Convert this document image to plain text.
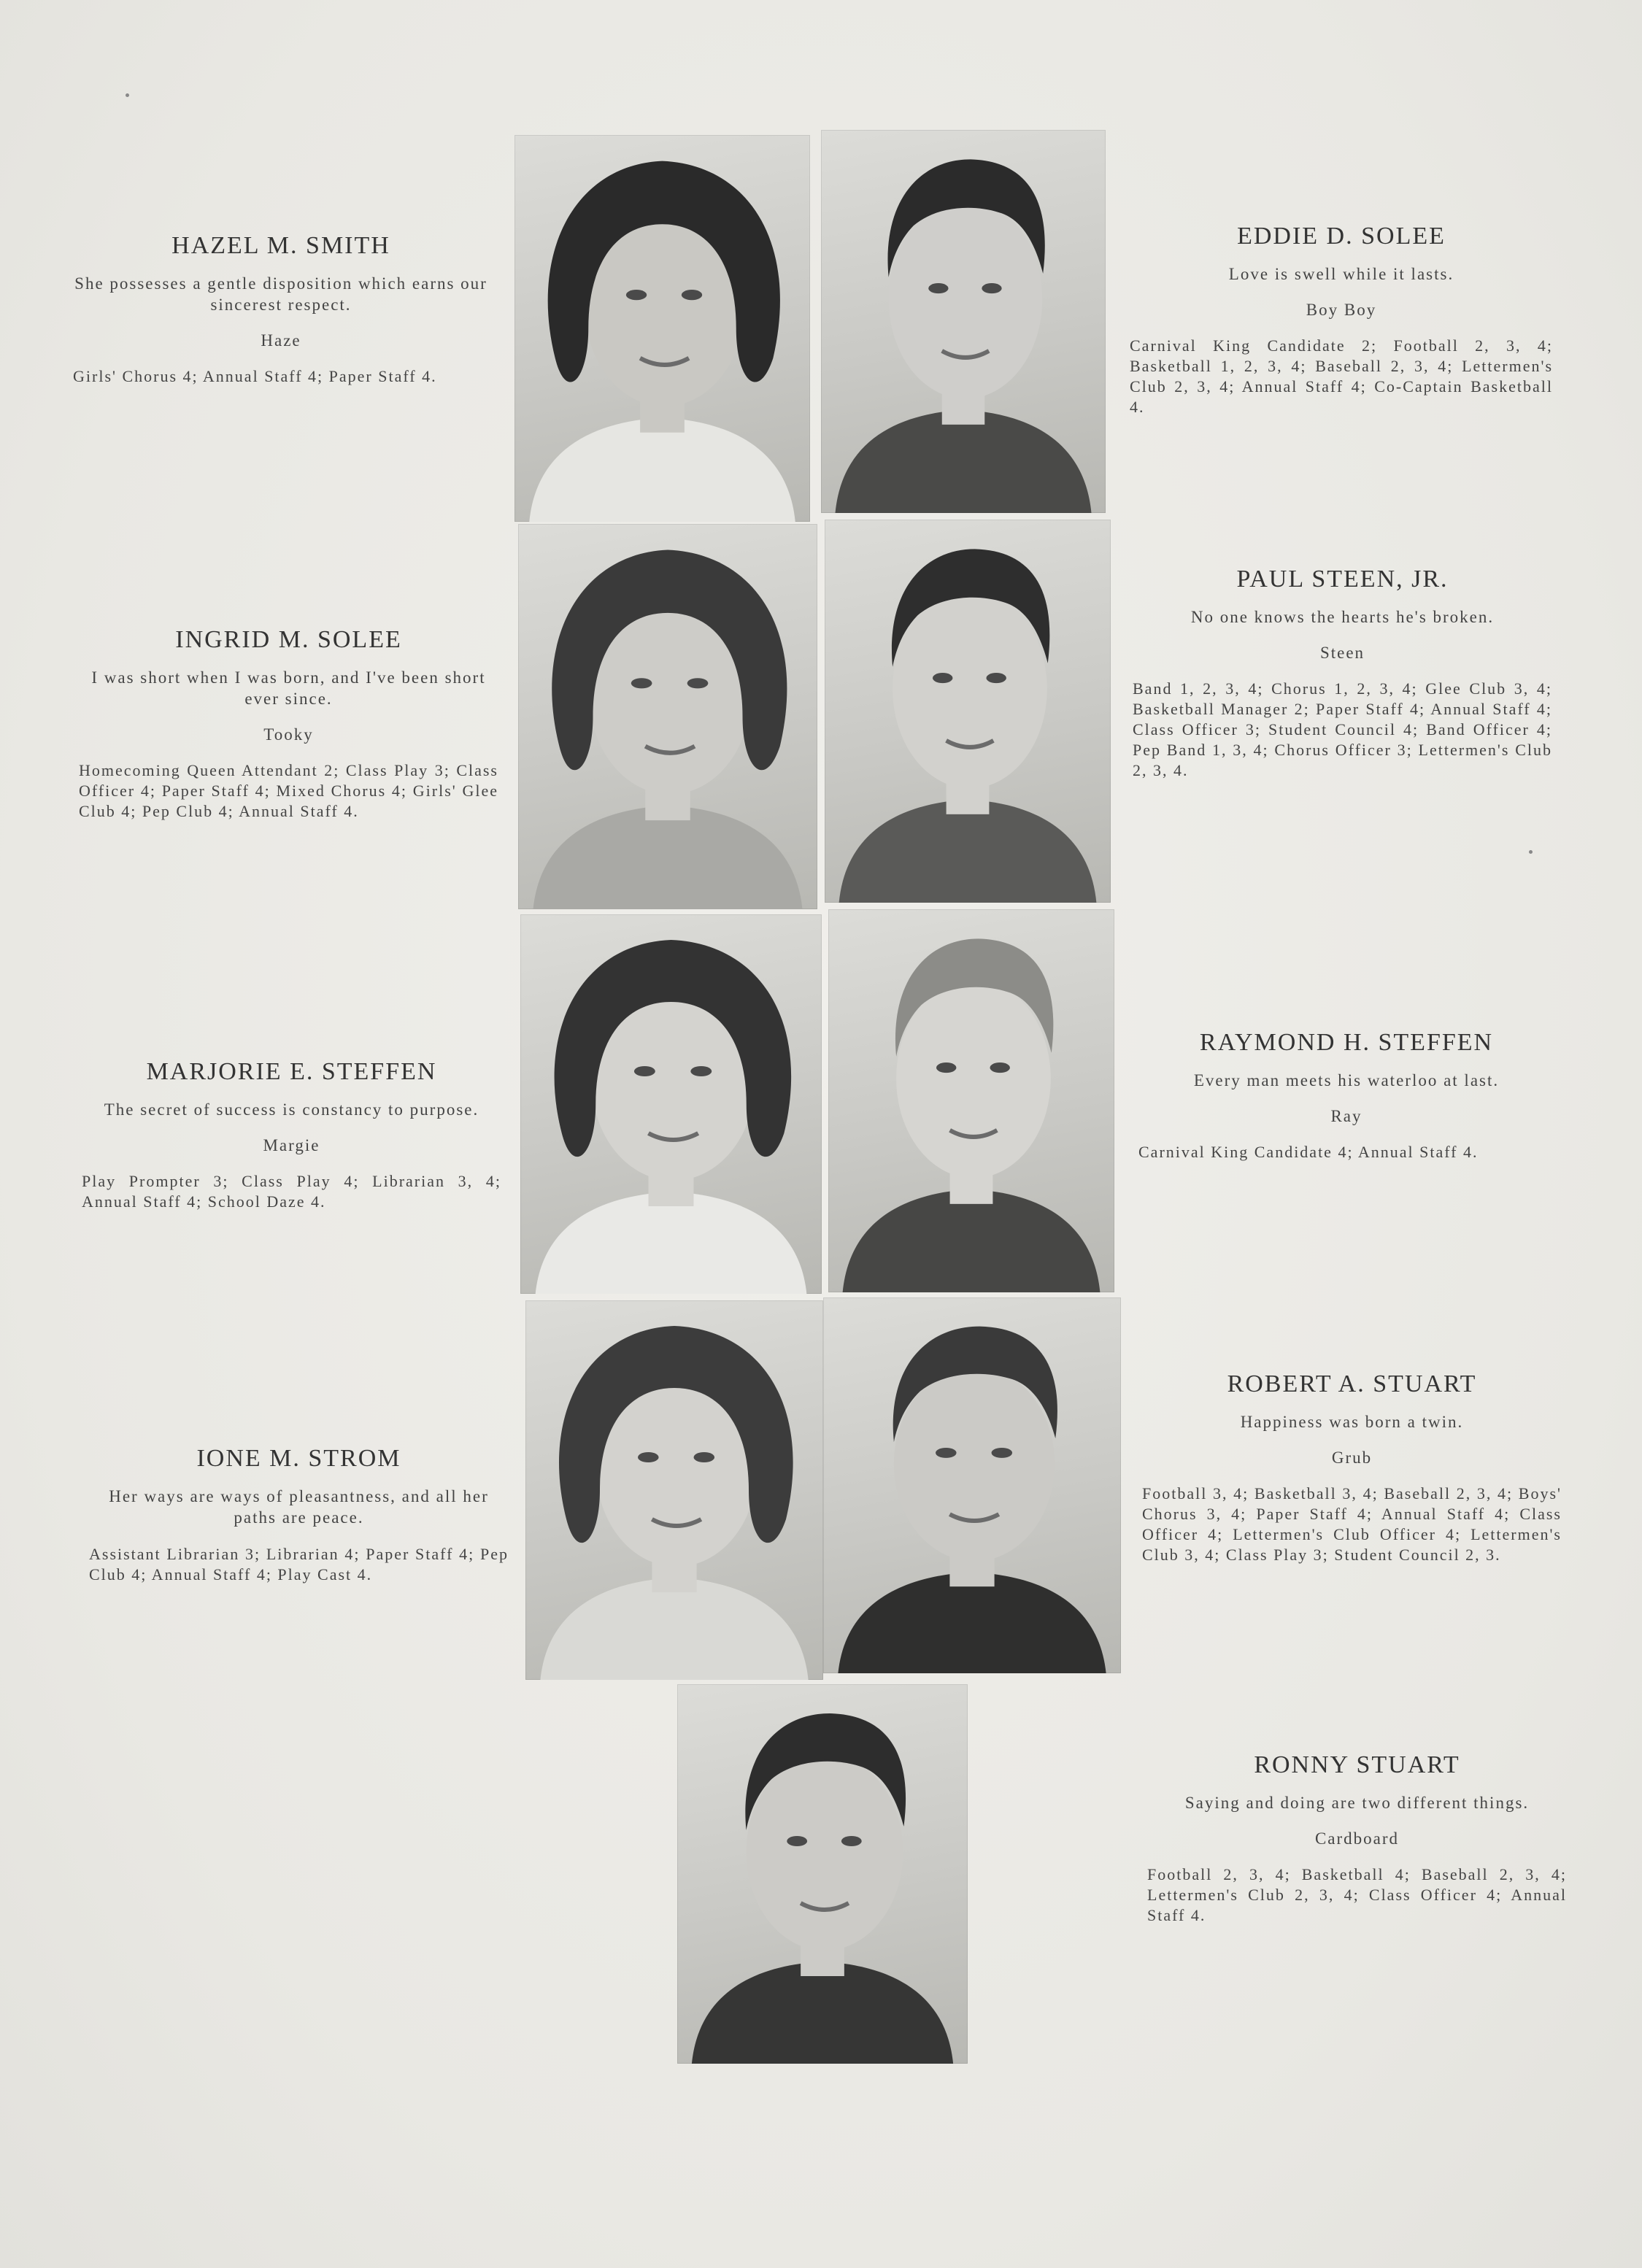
HAZEL M. SMITH
She possesses a gentle disposition which earns our sincerest respect.
Haze
Girls' Chorus 4; Annual Staff 4; Paper Staff 4.
EDDIE D. SOLEE
Love is swell while it lasts.
Boy Boy
Carnival King Candidate 2; Football 2, 3, 4; Basketball 1, 2, 3, 4; Baseball 2, 3, 4; Lettermen's Club 2, 3, 4; Annual Staff 4; Co-Captain Basketball 4.
INGRID M. SOLEE
I was short when I was born, and I've been short ever since.
Tooky
Homecoming Queen Attendant 2; Class Play 3; Class Officer 4; Paper Staff 4; Mixed Chorus 4; Girls' Glee Club 4; Pep Club 4; Annual Staff 4.
PAUL STEEN, JR.
No one knows the hearts he's broken.
Steen
Band 1, 2, 3, 4; Chorus 1, 2, 3, 4; Glee Club 3, 4; Basketball Manager 2; Paper Staff 4; Annual Staff 4; Class Officer 3; Student Council 4; Band Officer 4; Pep Band 1, 3, 4; Chorus Officer 3; Lettermen's Club 2, 3, 4.
MARJORIE E. STEFFEN
The secret of success is constancy to purpose.
Margie
Play Prompter 3; Class Play 4; Librarian 3, 4; Annual Staff 4; School Daze 4.
RAYMOND H. STEFFEN
Every man meets his waterloo at last.
Ray
Carnival King Candidate 4; Annual Staff 4.
IONE M. STROM
Her ways are ways of pleasantness, and all her paths are peace.
Assistant Librarian 3; Librarian 4; Paper Staff 4; Pep Club 4; Annual Staff 4; Play Cast 4.
ROBERT A. STUART
Happiness was born a twin.
Grub
Football 3, 4; Basketball 3, 4; Baseball 2, 3, 4; Boys' Chorus 3, 4; Paper Staff 4; Annual Staff 4; Class Officer 4; Lettermen's Club Officer 4; Lettermen's Club 3, 4; Class Play 3; Student Council 2, 3.
RONNY STUART
Saying and doing are two different things.
Cardboard
Football 2, 3, 4; Basketball 4; Baseball 2, 3, 4; Lettermen's Club 2, 3, 4; Class Officer 4; Annual Staff 4.
